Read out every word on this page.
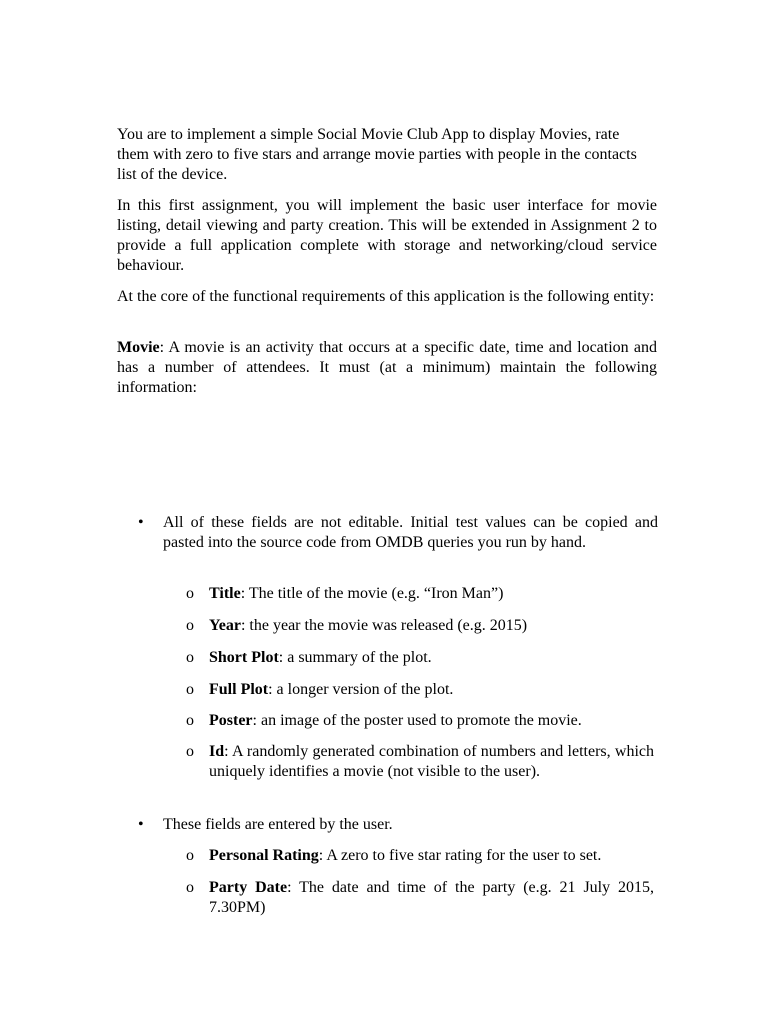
You are to implement a simple Social Movie Club App to display Movies, rate them with zero to five stars and arrange movie parties with people in the contacts list of the device.

In this first assignment, you will implement the basic user interface for movie listing, detail viewing and party creation. This will be extended in Assignment 2 to provide a full application complete with storage and networking/cloud service behaviour.

At the core of the functional requirements of this application is the following entity:

Movie: A movie is an activity that occurs at a specific date, time and location and has a number of attendees. It must (at a minimum) maintain the following information:

•	All of these fields are not editable. Initial test values can be copied and pasted into the source code from OMDB queries you run by hand.
o Title: The title of the movie (e.g. “Iron Man”)
o Year: the year the movie was released (e.g. 2015)
o Short Plot: a summary of the plot.
o Full Plot: a longer version of the plot.
o Poster: an image of the poster used to promote the movie.
o Id: A randomly generated combination of numbers and letters, which uniquely identifies a movie (not visible to the user).
•	These fields are entered by the user.
o Personal Rating: A zero to five star rating for the user to set.
o Party Date: The date and time of the party (e.g. 21 July 2015, 7.30PM)
